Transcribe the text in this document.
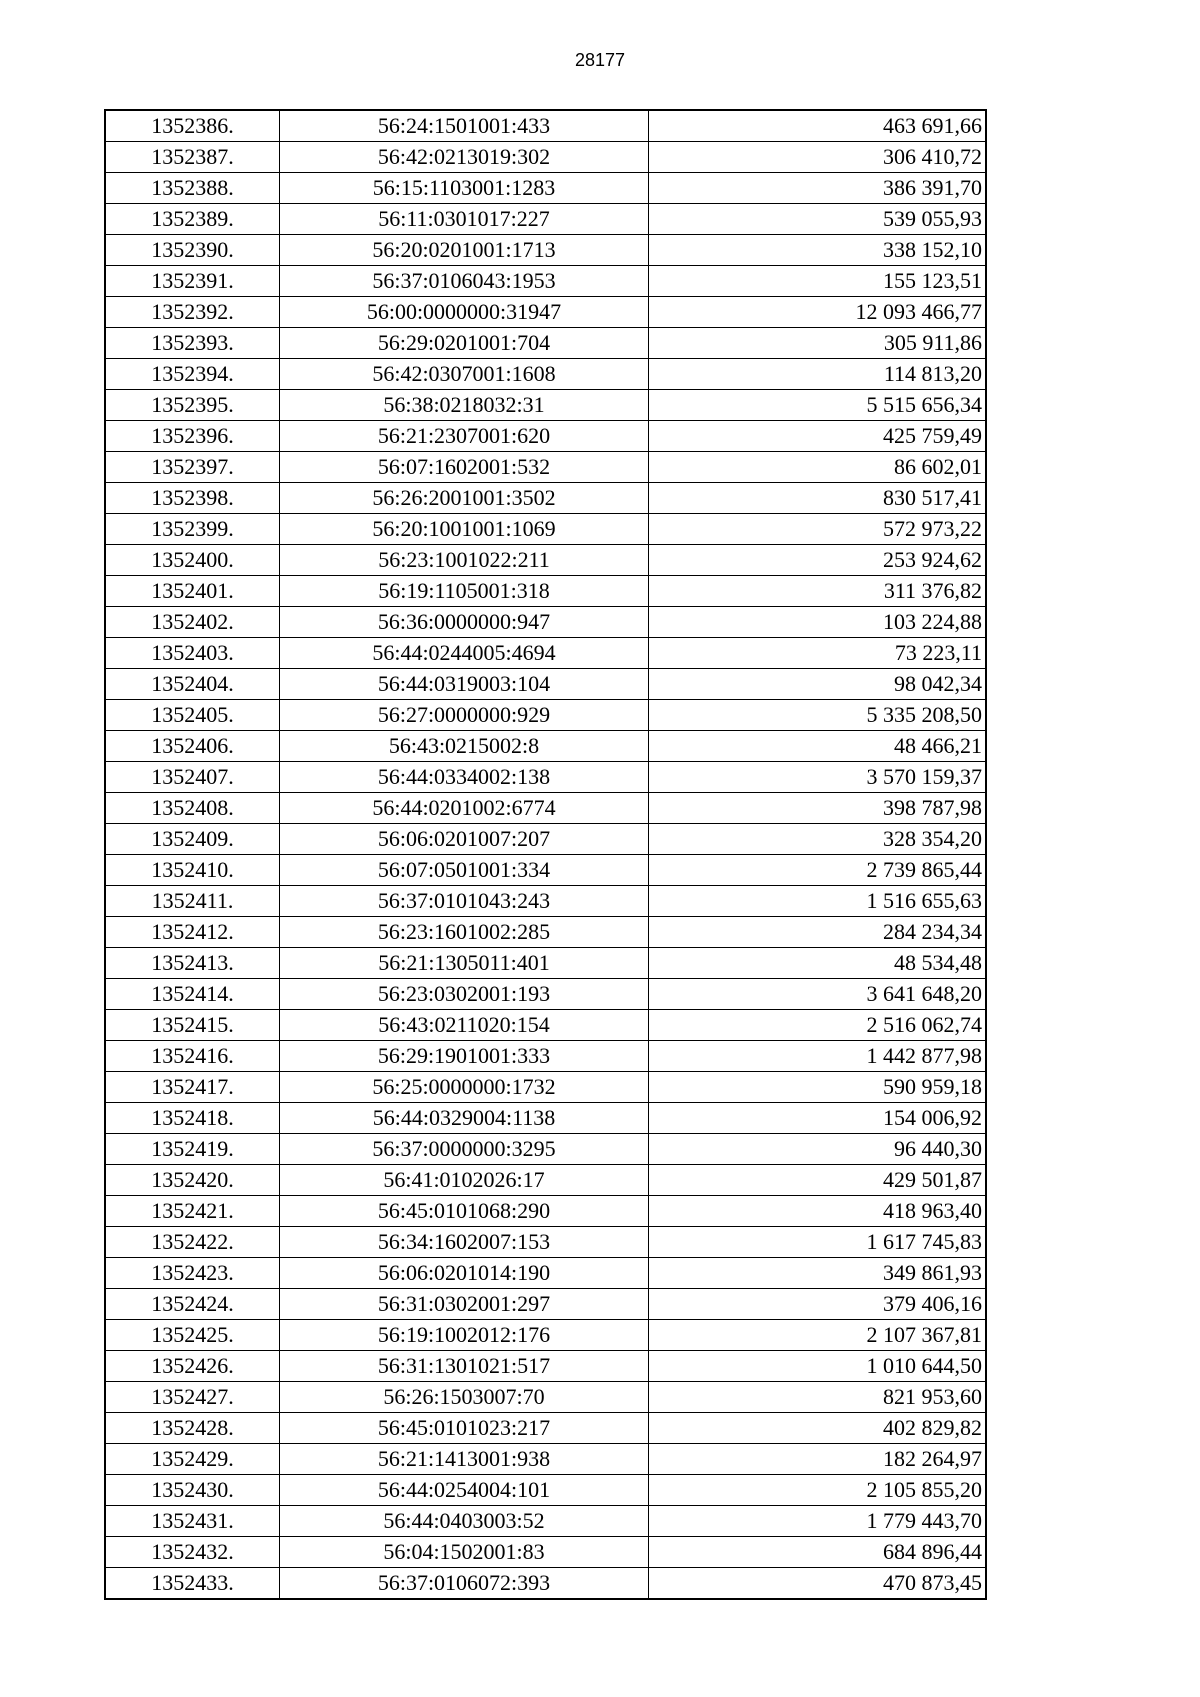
28177
1352386.	56:24:1501001:433	463 691,66
1352387.	56:42:0213019:302	306 410,72
1352388.	56:15:1103001:1283	386 391,70
1352389.	56:11:0301017:227	539 055,93
1352390.	56:20:0201001:1713	338 152,10
1352391.	56:37:0106043:1953	155 123,51
1352392.	56:00:0000000:31947	12 093 466,77
1352393.	56:29:0201001:704	305 911,86
1352394.	56:42:0307001:1608	114 813,20
1352395.	56:38:0218032:31	5 515 656,34
1352396.	56:21:2307001:620	425 759,49
1352397.	56:07:1602001:532	86 602,01
1352398.	56:26:2001001:3502	830 517,41
1352399.	56:20:1001001:1069	572 973,22
1352400.	56:23:1001022:211	253 924,62
1352401.	56:19:1105001:318	311 376,82
1352402.	56:36:0000000:947	103 224,88
1352403.	56:44:0244005:4694	73 223,11
1352404.	56:44:0319003:104	98 042,34
1352405.	56:27:0000000:929	5 335 208,50
1352406.	56:43:0215002:8	48 466,21
1352407.	56:44:0334002:138	3 570 159,37
1352408.	56:44:0201002:6774	398 787,98
1352409.	56:06:0201007:207	328 354,20
1352410.	56:07:0501001:334	2 739 865,44
1352411.	56:37:0101043:243	1 516 655,63
1352412.	56:23:1601002:285	284 234,34
1352413.	56:21:1305011:401	48 534,48
1352414.	56:23:0302001:193	3 641 648,20
1352415.	56:43:0211020:154	2 516 062,74
1352416.	56:29:1901001:333	1 442 877,98
1352417.	56:25:0000000:1732	590 959,18
1352418.	56:44:0329004:1138	154 006,92
1352419.	56:37:0000000:3295	96 440,30
1352420.	56:41:0102026:17	429 501,87
1352421.	56:45:0101068:290	418 963,40
1352422.	56:34:1602007:153	1 617 745,83
1352423.	56:06:0201014:190	349 861,93
1352424.	56:31:0302001:297	379 406,16
1352425.	56:19:1002012:176	2 107 367,81
1352426.	56:31:1301021:517	1 010 644,50
1352427.	56:26:1503007:70	821 953,60
1352428.	56:45:0101023:217	402 829,82
1352429.	56:21:1413001:938	182 264,97
1352430.	56:44:0254004:101	2 105 855,20
1352431.	56:44:0403003:52	1 779 443,70
1352432.	56:04:1502001:83	684 896,44
1352433.	56:37:0106072:393	470 873,45
